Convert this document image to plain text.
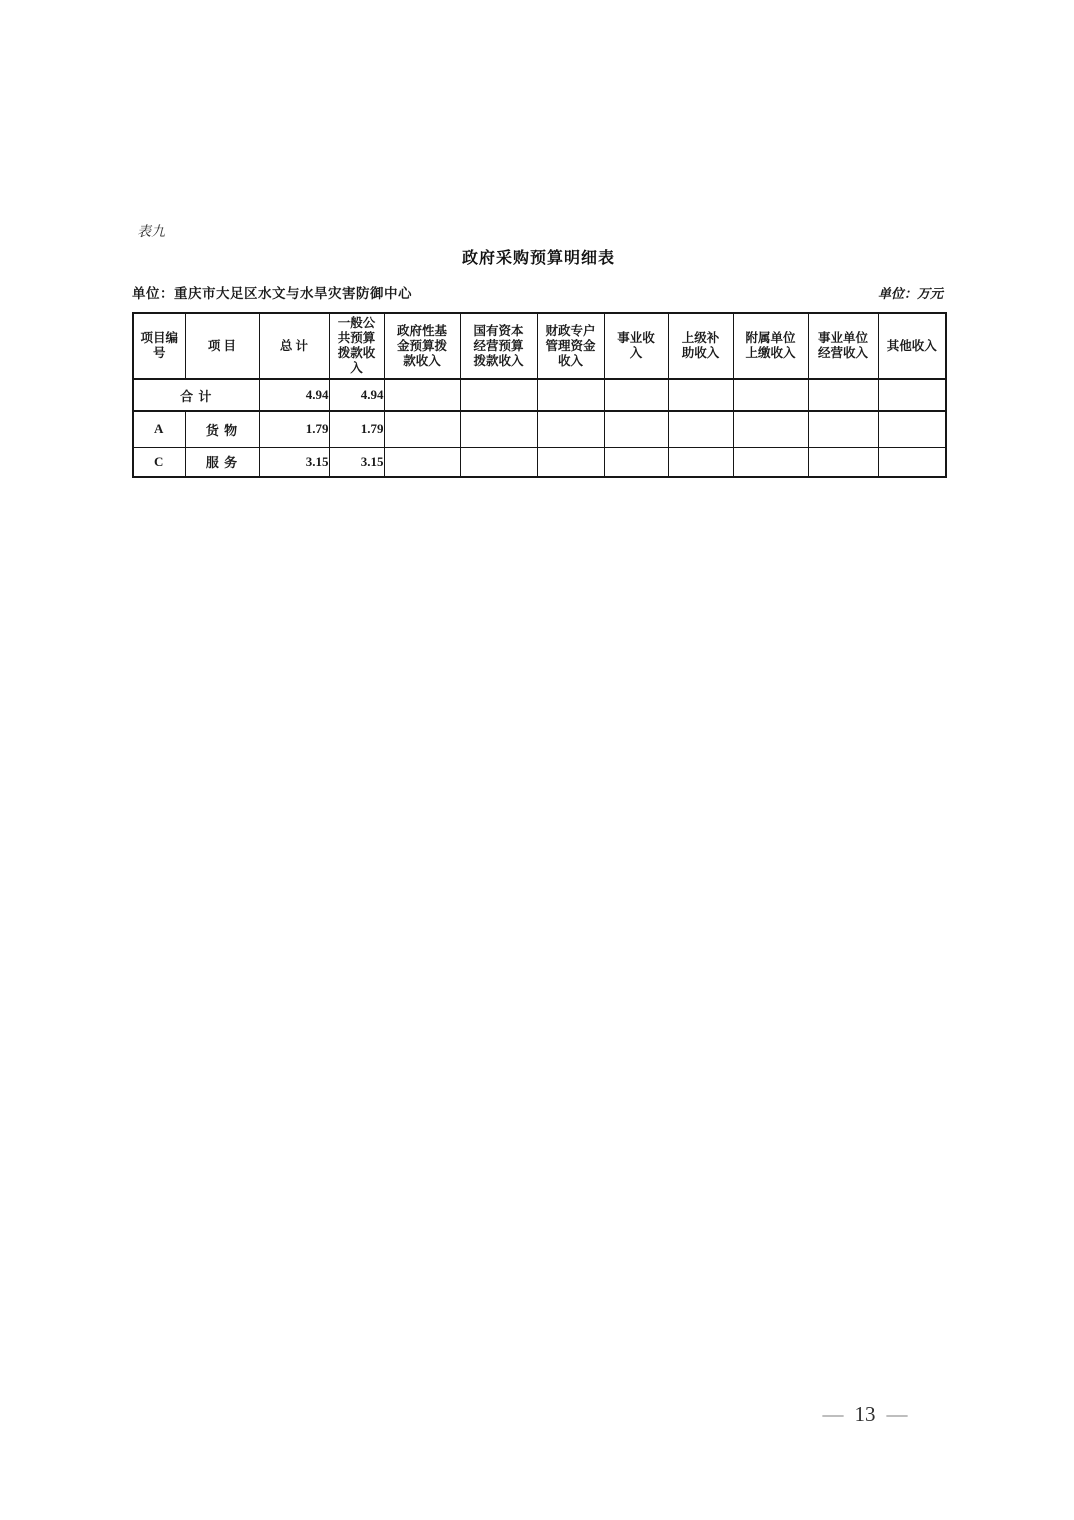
表九
政府采购预算明细表
单位：重庆市大足区水文与水旱灾害防御中心	单位：万元
项目编
号	项 目	总 计	一般公
共预算
拨款收
入	政府性基
金预算拨
款收入	国有资本
经营预算
拨款收入	财政专户
管理资金
收入	事业收
入	上级补
助收入	附属单位
上缴收入	事业单位
经营收入	其他收入
合 计		4.94	4.94								
A	货 物	1.79	1.79								
C	服 务	3.15	3.15								
— 13 —
